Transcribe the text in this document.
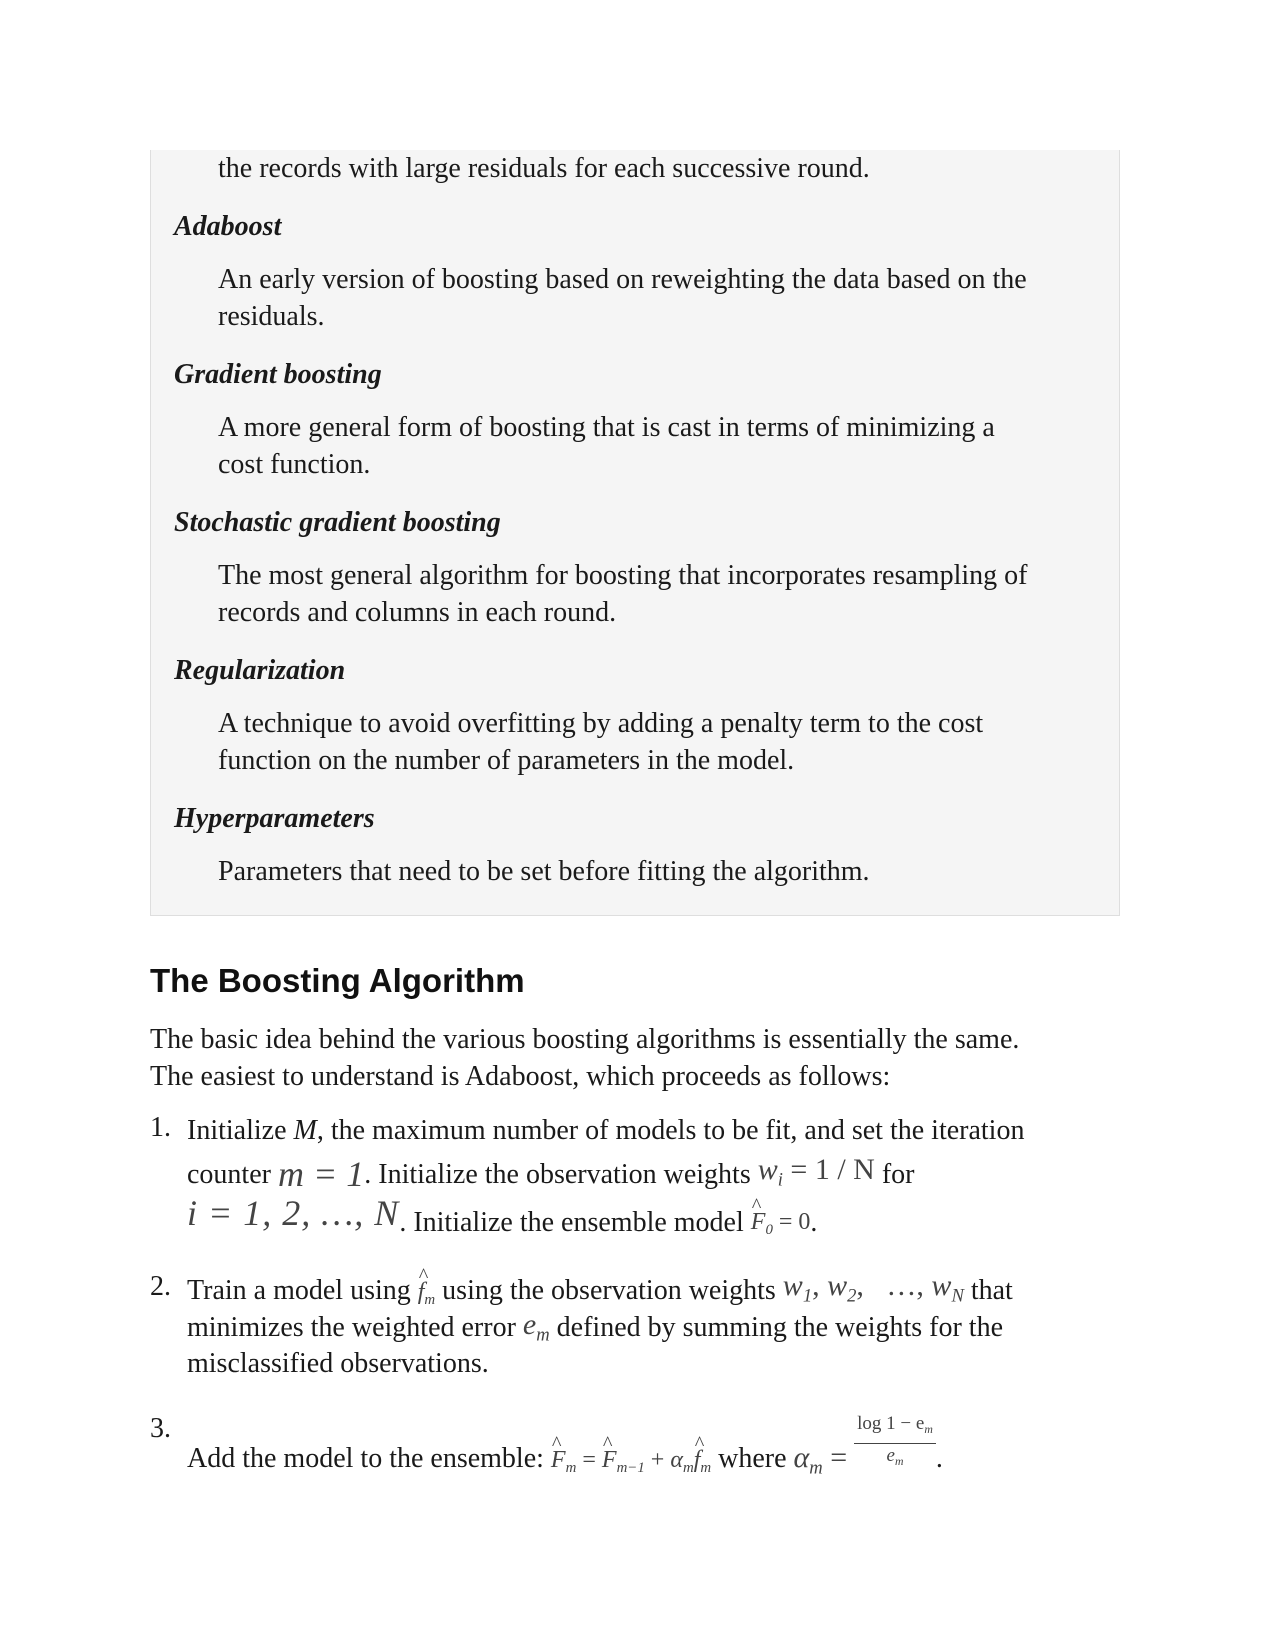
the records with large residuals for each successive round.
Adaboost
An early version of boosting based on reweighting the data based on the
residuals.
Gradient boosting
A more general form of boosting that is cast in terms of minimizing a
cost function.
Stochastic gradient boosting
The most general algorithm for boosting that incorporates resampling of
records and columns in each round.
Regularization
A technique to avoid overfitting by adding a penalty term to the cost
function on the number of parameters in the model.
Hyperparameters
Parameters that need to be set before fitting the algorithm.
The Boosting Algorithm
The basic idea behind the various boosting algorithms is essentially the same.
The easiest to understand is Adaboost, which proceeds as follows:
1. Initialize M, the maximum number of models to be fit, and set the iteration
counter m = 1. Initialize the observation weights $w_i = 1 / N$ for
i = 1, 2, …, N. Initialize the ensemble model ^ $F_0 = 0$.
2. Train a model using ^ $f_m$ using the observation weights $w_1$, $w_2$,   …, $w_N$ that
minimizes the weighted error $e_m$ defined by summing the weights for the
misclassified observations.
3.
Add the model to the ensemble: ^ $F_m$ = ^ $F_{m-1}$ + $\alpha_m\^{}$ $f_m$ where $\alpha_m = \frac{\log 1 - e_m}{e_m}$ .
